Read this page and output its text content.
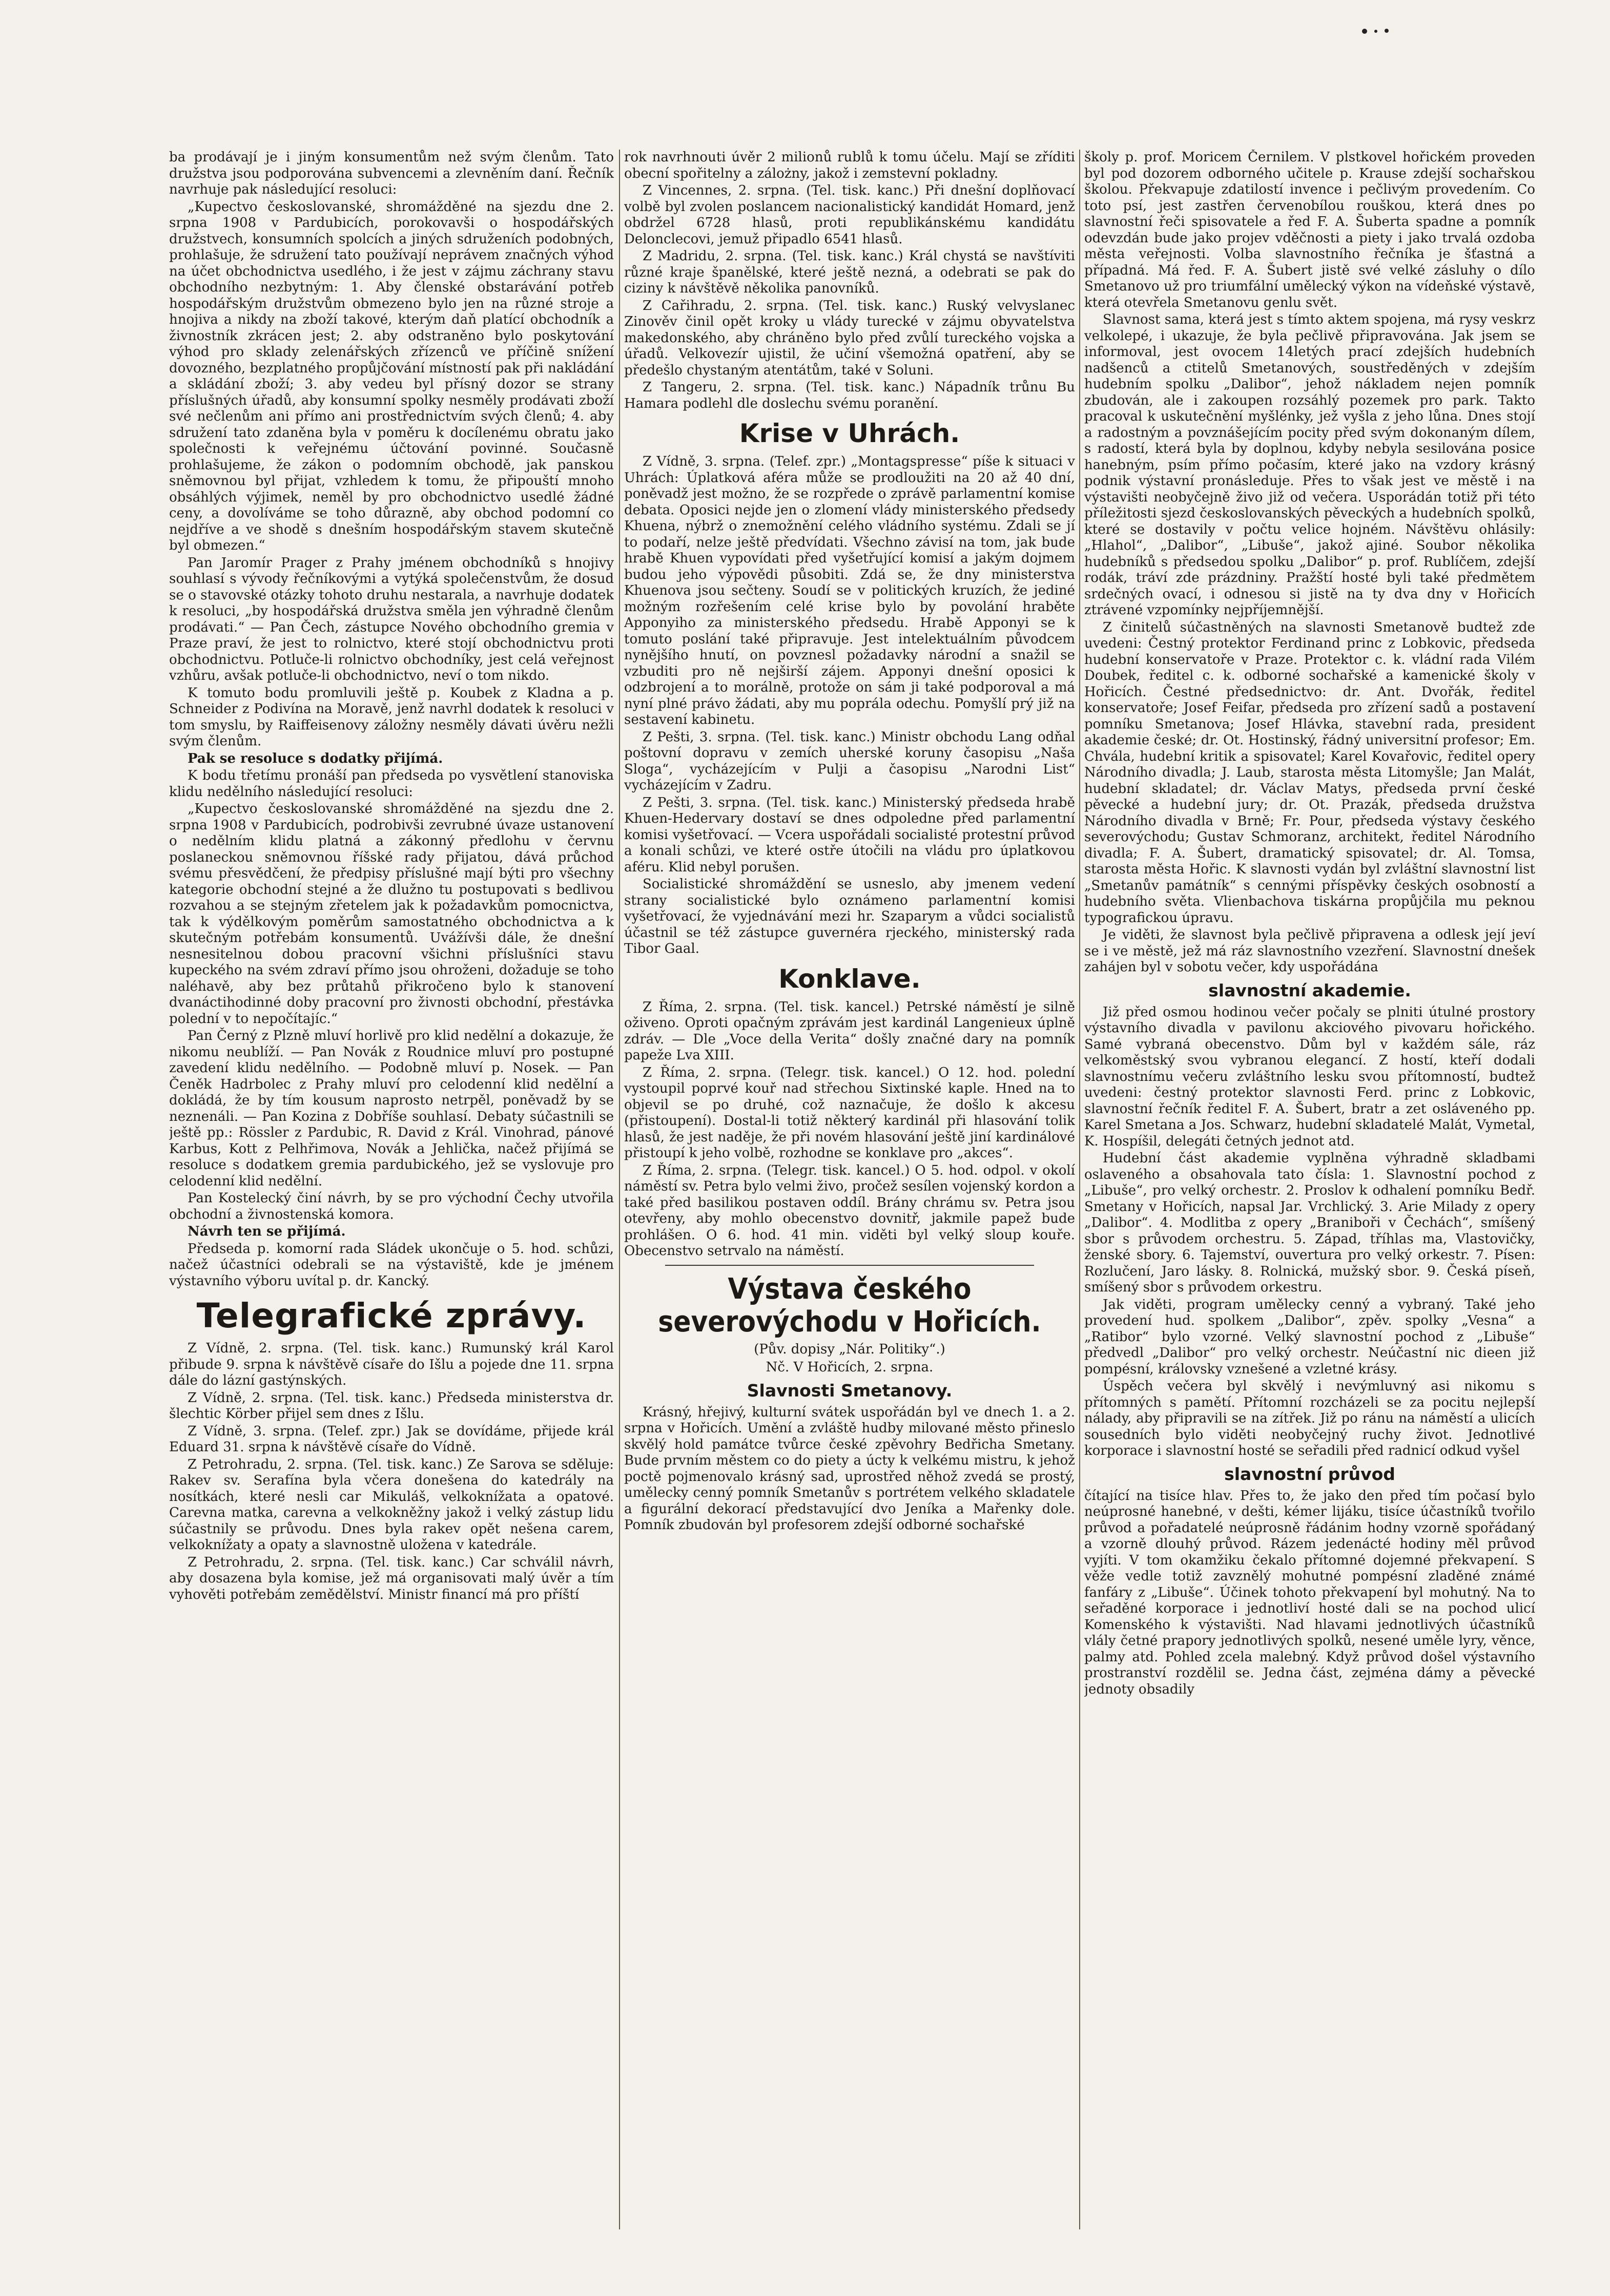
ba prodávají je i jiným konsumentům než svým členům. Tato družstva jsou podporována subvencemi a zlevněním daní. Řečník navrhuje pak následující resoluci:

„Kupectvo českoslovanské, shromážděné na sjezdu dne 2. srpna 1908 v Pardubicích, porokovavši o hospodářských družstvech, konsumních spolcích a jiných sdruženích podobných, prohlašuje, že sdružení tato používají neprávem značných výhod na účet obchodnictva usedlého, i že jest v zájmu záchrany stavu obchodního nezbytným: 1. Aby členské obstarávání potřeb hospodářským družstvům obmezeno bylo jen na různé stroje a hnojiva a nikdy na zboží takové, kterým daň platící obchodník a živnostník zkrácen jest; 2. aby odstraněno bylo poskytování výhod pro sklady zelenářských zřízenců ve příčině snížení dovozného, bezplatného propůjčování místností pak při nakládání a skládání zboží; 3. aby vedeu byl přísný dozor se strany příslušných úřadů, aby konsumní spolky nesměly prodávati zboží své nečlenům ani přímo ani prostřednictvím svých členů; 4. aby sdružení tato zdaněna byla v poměru k docílenému obratu jako společnosti k veřejnému účtování povinné. Současně prohlašujeme, že zákon o podomním obchodě, jak panskou sněmovnou byl přijat, vzhledem k tomu, že připouští mnoho obsáhlých výjimek, neměl by pro obchodnictvo usedlé žádné ceny, a dovolíváme se toho důrazně, aby obchod podomní co nejdříve a ve shodě s dnešním hospodářským stavem skutečně byl obmezen.“

Pan Jaromír Prager z Prahy jménem obchodníků s hnojivy souhlasí s vývody řečníkovými a vytýká společenstvům, že dosud se o stavovské otázky tohoto druhu nestarala, a navrhuje dodatek k resoluci, „by hospodářská družstva směla jen výhradně členům prodávati.“ — Pan Čech, zástupce Nového obchodního gremia v Praze praví, že jest to rolnictvo, které stojí obchodnictvu proti obchodnictvu. Potluče-li rolnictvo obchodníky, jest celá veřejnost vzhůru, avšak potluče-li obchodnictvo, neví o tom nikdo.

K tomuto bodu promluvili ještě p. Koubek z Kladna a p. Schneider z Podivína na Moravě, jenž navrhl dodatek k resoluci v tom smyslu, by Raiffeisenovy záložny nesměly dávati úvěru nežli svým členům.

Pak se resoluce s dodatky přijímá.

K bodu třetímu pronáší pan předseda po vysvětlení stanoviska klidu nedělního následující resoluci:

„Kupectvo českoslovanské shromážděné na sjezdu dne 2. srpna 1908 v Pardubicích, podrobivši zevrubné úvaze ustanovení o nedělním klidu platná a zákonný předlohu v červnu poslaneckou sněmovnou říšské rady přijatou, dává průchod svému přesvědčení, že předpisy příslušné mají býti pro všechny kategorie obchodní stejné a že dlužno tu postupovati s bedlivou rozvahou a se stejným zřetelem jak k požadavkům pomocnictva, tak k výdělkovým poměrům samostatného obchodnictva a k skutečným potřebám konsumentů. Uvážívši dále, že dnešní nesnesitelnou dobou pracovní všichni příslušníci stavu kupeckého na svém zdraví přímo jsou ohroženi, dožaduje se toho naléhavě, aby bez průtahů přikročeno bylo k stanovení dvanáctihodinné doby pracovní pro živnosti obchodní, přestávka polední v to nepočítajíc.“

Pan Černý z Plzně mluví horlivě pro klid nedělní a dokazuje, že nikomu neublíží. — Pan Novák z Roudnice mluví pro postupné zavedení klidu nedělního. — Podobně mluví p. Nosek. — Pan Čeněk Hadrbolec z Prahy mluví pro celodenní klid nedělní a dokládá, že by tím kousum naprosto netrpěl, poněvadž by se neznenáli. — Pan Kozina z Dobříše souhlasí. Debaty súčastnili se ještě pp.: Rössler z Pardubic, R. David z Král. Vinohrad, pánové Karbus, Kott z Pelhřimova, Novák a Jehlička, načež přijímá se resoluce s dodatkem gremia pardubického, jež se vyslovuje pro celodenní klid nedělní.

Pan Kostelecký činí návrh, by se pro východní Čechy utvořila obchodní a živnostenská komora.

Návrh ten se přijímá.

Předseda p. komorní rada Sládek ukončuje o 5. hod. schůzi, načež účastníci odebrali se na výstaviště, kde je jménem výstavního výboru uvítal p. dr. Kancký.

Telegrafické zprávy.

Z Vídně, 2. srpna. (Tel. tisk. kanc.) Rumunský král Karol přibude 9. srpna k návštěvě císaře do Išlu a pojede dne 11. srpna dále do lázní gastýnských.

Z Vídně, 2. srpna. (Tel. tisk. kanc.) Předseda ministerstva dr. šlechtic Körber přijel sem dnes z Išlu.

Z Vídně, 3. srpna. (Telef. zpr.) Jak se dovídáme, přijede král Eduard 31. srpna k návštěvě císaře do Vídně.

Z Petrohradu, 2. srpna. (Tel. tisk. kanc.) Ze Sarova se sděluje: Rakev sv. Serafína byla včera donešena do katedrály na nosítkách, které nesli car Mikuláš, velkoknížata a opatové. Carevna matka, carevna a velkokněžny jakož i velký zástup lidu súčastnily se průvodu. Dnes byla rakev opět nešena carem, velkoknížaty a opaty a slavnostně uložena v katedrále.

Z Petrohradu, 2. srpna. (Tel. tisk. kanc.) Car schválil návrh, aby dosazena byla komise, jež má organisovati malý úvěr a tím vyhověti potřebám zemědělství. Ministr financí má pro příští

rok navrhnouti úvěr 2 milionů rublů k tomu účelu. Mají se zříditi obecní spořitelny a zálożny, jakož i zemstevní pokladny.

Z Vincennes, 2. srpna. (Tel. tisk. kanc.) Při dnešní doplňovací volbě byl zvolen poslancem nacionalistický kandidát Homard, jenž obdržel 6728 hlasů, proti republikánskému kandidátu Delonclecovi, jemuž připadlo 6541 hlasů.

Z Madridu, 2. srpna. (Tel. tisk. kanc.) Král chystá se navštíviti různé kraje španělské, které ještě nezná, a odebrati se pak do ciziny k návštěvě několika panovníků.

Z Cařihradu, 2. srpna. (Tel. tisk. kanc.) Ruský velvyslanec Zinověv činil opět kroky u vlády turecké v zájmu obyvatelstva makedonského, aby chráněno bylo před zvůlí tureckého vojska a úřadů. Velkovezír ujistil, že učiní všemožná opatření, aby se předešlo chystaným atentátům, také v Soluni.

Z Tangeru, 2. srpna. (Tel. tisk. kanc.) Nápadník trůnu Bu Hamara podlehl dle doslechu svému poranění.

Krise v Uhrách.

Z Vídně, 3. srpna. (Telef. zpr.) „Montagspresse“ píše k situaci v Uhrách: Úplatková aféra může se prodloužiti na 20 až 40 dní, poněvadž jest možno, že se rozpřede o zprávě parlamentní komise debata. Oposici nejde jen o zlomení vlády ministerského předsedy Khuena, nýbrž o znemožnění celého vládního systému. Zdali se jí to podaří, nelze ještě předvídati. Všechno závisí na tom, jak bude hrabě Khuen vypovídati před vyšetřující komisí a jakým dojmem budou jeho výpovědi působiti. Zdá se, že dny ministerstva Khuenova jsou sečteny. Soudí se v politických kruzích, že jediné možným rozřešením celé krise bylo by povolání hraběte Apponyiho za ministerského předsedu. Hrabě Apponyi se k tomuto poslání také připravuje. Jest intelektuálním původcem nynějšího hnutí, on povznesl požadavky národní a snažil se vzbuditi pro ně nejširší zájem. Apponyi dnešní oposici k odzbrojení a to morálně, protože on sám ji také podporoval a má nyní plné právo žádati, aby mu poprála odechu. Pomyšlí prý již na sestavení kabinetu.

Z Pešti, 3. srpna. (Tel. tisk. kanc.) Ministr obchodu Lang odňal poštovní dopravu v zemích uherské koruny časopisu „Naša Sloga“, vycházejícím v Pulji a časopisu „Narodni List“ vycházejícím v Zadru.

Z Pešti, 3. srpna. (Tel. tisk. kanc.) Ministerský předseda hrabě Khuen-Hedervary dostaví se dnes odpoledne před parlamentní komisi vyšetřovací. — Vcera uspořádali socialisté protestní průvod a konali schůzi, ve které ostře útočili na vládu pro úplatkovou aféru. Klid nebyl porušen.

Socialistické shromáždění se usneslo, aby jmenem vedení strany socialistické bylo oznámeno parlamentní komisi vyšetřovací, že vyjednávání mezi hr. Szaparym a vůdci socialistů účastnil se též zástupce guvernéra rjeckého, ministerský rada Tibor Gaal.

Konklave.

Z Říma, 2. srpna. (Tel. tisk. kancel.) Petrské náměstí je silně oživeno. Oproti opačným zprávám jest kardinál Langenieux úplně zdráv. — Dle „Voce della Verita“ došly značné dary na pomník papeže Lva XIII.

Z Říma, 2. srpna. (Telegr. tisk. kancel.) O 12. hod. polední vystoupil poprvé kouř nad střechou Sixtinské kaple. Hned na to objevil se po druhé, což naznačuje, že došlo k akcesu (přistoupení). Dostal-li totiž některý kardinál při hlasování tolik hlasů, že jest naděje, že při novém hlasování ještě jiní kardinálové přistoupí k jeho volbě, rozhodne se konklave pro „akces“.

Z Říma, 2. srpna. (Telegr. tisk. kancel.) O 5. hod. odpol. v okolí náměstí sv. Petra bylo velmi živo, pročež sesílen vojenský kordon a také před basilikou postaven oddíl. Brány chrámu sv. Petra jsou otevřeny, aby mohlo obecenstvo dovnitř, jakmile papež bude prohlášen. O 6. hod. 41 min. viděti byl velký sloup kouře. Obecenstvo setrvalo na náměstí.

Výstava českého severovýchodu v Hořicích.

(Pův. dopisy „Nár. Politiky“.)

Nč. V Hořicích, 2. srpna.

Slavnosti Smetanovy.

Krásný, hřejivý, kulturní svátek uspořádán byl ve dnech 1. a 2. srpna v Hořicích. Umění a zvláště hudby milované město přineslo skvělý hold památce tvůrce české zpěvohry Bedřicha Smetany. Bude prvním městem co do piety a úcty k velkému mistru, k jehož poctě pojmenovalo krásný sad, uprostřed něhož zvedá se prostý, umělecky cenný pomník Smetanův s portrétem velkého skladatele a figurální dekorací představující dvo Jeníka a Mařenky dole. Pomník zbudován byl profesorem zdejší odborné sochařské

školy p. prof. Moricem Černilem. V plstkovel hořickém proveden byl pod dozorem odborného učitele p. Krause zdejší sochařskou školou. Překvapuje zdatilostí invence i pečlivým provedením. Co toto psí, jest zastřen červenobílou rouškou, která dnes po slavnostní řeči spisovatele a řed F. A. Šuberta spadne a pomník odevzdán bude jako projev vděčnosti a piety i jako trvalá ozdoba města veřejnosti. Volba slavnostního řečníka je šťastná a případná. Má řed. F. A. Šubert jistě své velké zásluhy o dílo Smetanovo už pro triumfální umělecký výkon na vídeňské výstavě, která otevřela Smetanovu genlu svět.

Slavnost sama, která jest s tímto aktem spojena, má rysy veskrz velkolepé, i ukazuje, že byla pečlivě připravována. Jak jsem se informoval, jest ovocem 14letých prací zdejších hudebních nadšenců a ctitelů Smetanových, soustředěných v zdejším hudebním spolku „Dalibor“, jehož nákladem nejen pomník zbudován, ale i zakoupen rozsáhlý pozemek pro park. Takto pracoval k uskutečnění myšlénky, jež vyšla z jeho lůna. Dnes stojí a radostným a povznášejícím pocity před svým dokonaným dílem, s radostí, která byla by doplnou, kdyby nebyla sesilována posice hanebným, psím přímo počasím, které jako na vzdory krásný podnik výstavní pronásleduje. Přes to však jest ve městě i na výstavišti neobyčejně živo již od večera. Usporádán totiž při této příležitosti sjezd českoslovanských pěveckých a hudebních spolků, které se dostavily v počtu velice hojném. Návštěvu ohlásily: „Hlahol“, „Dalibor“, „Libuše“, jakož ajiné. Soubor několika hudebníků s předsedou spolku „Dalibor“ p. prof. Rublíčem, zdejší rodák, tráví zde prázdniny. Pražští hosté byli také předmětem srdečných ovací, i odnesou si jistě na ty dva dny v Hořicích ztrávené vzpomínky nejpříjemnější.

Z činitelů súčastněných na slavnosti Smetanově budtež zde uvedeni: Čestný protektor Ferdinand princ z Lobkovic, předseda hudební konservatoře v Praze. Protektor c. k. vládní rada Vilém Doubek, ředitel c. k. odborné sochařské a kamenické školy v Hořicích. Čestné předsednictvo: dr. Ant. Dvořák, ředitel konservatoře; Josef Feifar, předseda pro zřízení sadů a postavení pomníku Smetanova; Josef Hlávka, stavební rada, president akademie české; dr. Ot. Hostinský, řádný universitní profesor; Em. Chvála, hudební kritik a spisovatel; Karel Kovařovic, ředitel opery Národního divadla; J. Laub, starosta města Litomyšle; Jan Malát, hudební skladatel; dr. Václav Matys, předseda první české pěvecké a hudební jury; dr. Ot. Prazák, předseda družstva Národního divadla v Brně; Fr. Pour, předseda výstavy českého severovýchodu; Gustav Schmoranz, architekt, ředitel Národního divadla; F. A. Šubert, dramatický spisovatel; dr. Al. Tomsa, starosta města Hořic. K slavnosti vydán byl zvláštní slavnostní list „Smetanův památník“ s cennými příspěvky českých osobností a hudebního světa. Vlienbachova tiskárna propůjčila mu peknou typografickou úpravu.

Je viděti, že slavnost byla pečlivě připravena a odlesk její jeví se i ve městě, jež má ráz slavnostního vzezření. Slavnostní dnešek zahájen byl v sobotu večer, kdy uspořádána

slavnostní akademie.

Již před osmou hodinou večer počaly se plniti útulné prostory výstavního divadla v pavilonu akciového pivovaru hořického. Samé vybraná obecenstvo. Dům byl v každém sále, ráz velkoměstský svou vybranou elegancí. Z hostí, kteří dodali slavnostnímu večeru zvláštního lesku svou přítomností, budtež uvedeni: čestný protektor slavnosti Ferd. princ z Lobkovic, slavnostní řečník ředitel F. A. Šubert, bratr a zet osláveného pp. Karel Smetana a Jos. Schwarz, hudební skladatelé Malát, Vymetal, K. Hospíšil, delegáti četných jednot atd.

Hudební část akademie vyplněna výhradně skladbami oslaveného a obsahovala tato čísla: 1. Slavnostní pochod z „Libuše“, pro velký orchestr. 2. Proslov k odhalení pomníku Bedř. Smetany v Hořicích, napsal Jar. Vrchlický. 3. Arie Milady z opery „Dalibor“. 4. Modlitba z opery „Braniboři v Čechách“, smíšený sbor s průvodem orchestru. 5. Západ, tříhlas ma, Vlastovičky, ženské sbory. 6. Tajemství, ouvertura pro velký orkestr. 7. Písen: Rozlučení, Jaro lásky. 8. Rolnická, mužský sbor. 9. Česká píseň, smíšený sbor s průvodem orkestru.

Jak viděti, program umělecky cenný a vybraný. Také jeho provedení hud. spolkem „Dalibor“, zpěv. spolky „Vesna“ a „Ratibor“ bylo vzorné. Velký slavnostní pochod z „Libuše“ předvedl „Dalibor“ pro velký orchestr. Neúčastní nic dieen již pompésní, královsky vznešené a vzletné krásy.

Úspěch večera byl skvělý i nevýmluvný asi nikomu s přítomných s pamětí. Přítomní rozcházeli se za pocitu nejlepší nálady, aby připravili se na zítřek. Již po ránu na náměstí a ulicích sousedních bylo viděti neobyčejný ruchy život. Jednotlivé korporace i slavnostní hosté se seřadili před radnicí odkud vyšel

slavnostní průvod

čítající na tisíce hlav. Přes to, že jako den před tím počasí bylo neúprosné hanebné, v dešti, kémer lijáku, tisíce účastníků tvořilo průvod a pořadatelé neúprosně řádánim hodny vzorně spořádaný a vzorně dlouhý průvod. Rázem jedenácté hodiny měl průvod vyjíti. V tom okamžiku čekalo přítomné dojemné překvapení. S věže vedle totiž zavznělý mohutné pompésní zladěné známé fanfáry z „Libuše“. Účinek tohoto překvapení byl mohutný. Na to seřaděné korporace i jednotliví hosté dali se na pochod ulicí Komenského k výstavišti. Nad hlavami jednotlivých účastníků vlály četné prapory jednotlivých spolků, nesené uměle lyry, věnce, palmy atd. Pohled zcela malebný. Když průvod došel výstavního prostranství rozdělil se. Jedna část, zejména dámy a pěvecké jednoty obsadily
